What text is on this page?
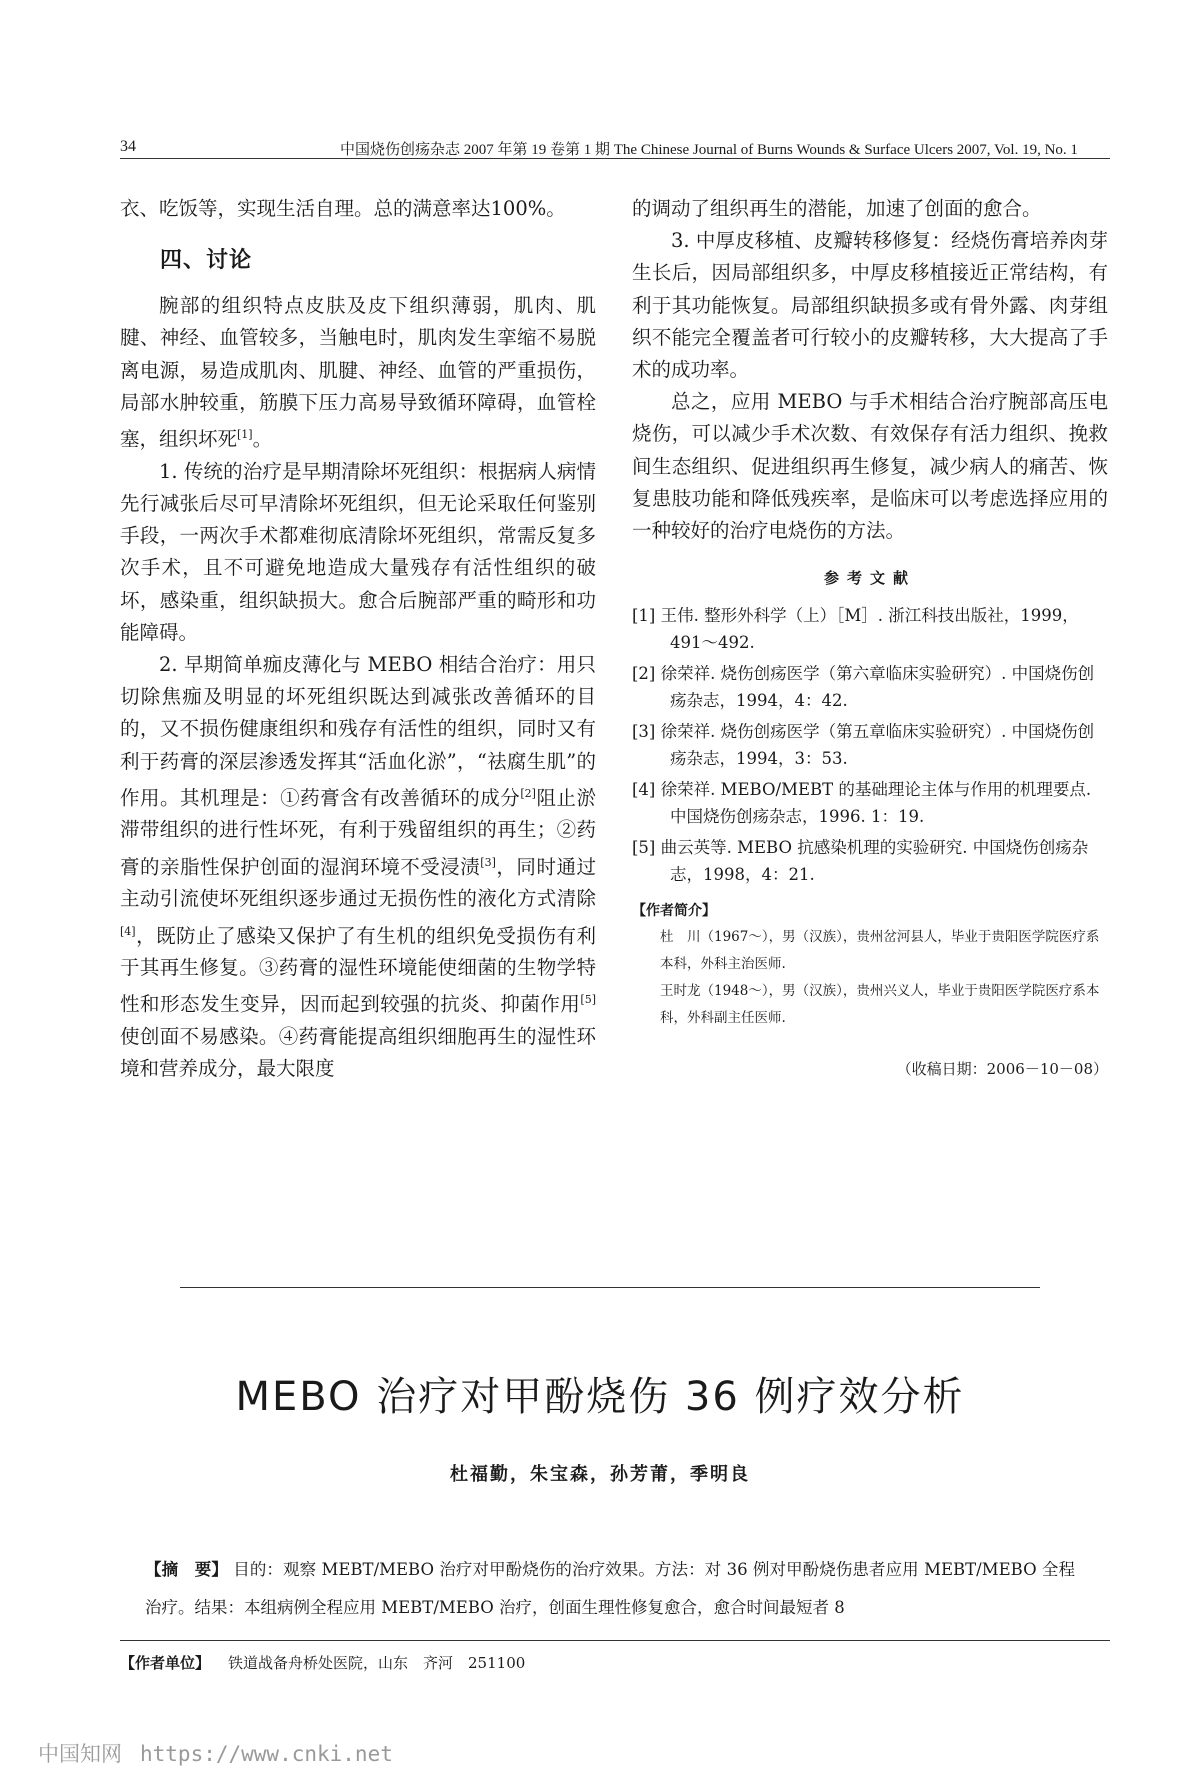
34	中国烧伤创疡杂志 2007 年第 19 卷第 1 期 The Chinese Journal of Burns Wounds & Surface Ulcers 2007, Vol. 19, No. 1

衣、吃饭等，实现生活自理。总的满意率达100%。

四、讨论

腕部的组织特点皮肤及皮下组织薄弱，肌肉、肌腱、神经、血管较多，当触电时，肌肉发生挛缩不易脱离电源，易造成肌肉、肌腱、神经、血管的严重损伤，局部水肿较重，筋膜下压力高易导致循环障碍，血管栓塞，组织坏死[1]。

1. 传统的治疗是早期清除坏死组织：根据病人病情先行减张后尽可早清除坏死组织，但无论采取任何鉴别手段，一两次手术都难彻底清除坏死组织，常需反复多次手术，且不可避免地造成大量残存有活性组织的破坏，感染重，组织缺损大。愈合后腕部严重的畸形和功能障碍。

2. 早期简单痂皮薄化与 MEBO 相结合治疗：用只切除焦痂及明显的坏死组织既达到减张改善循环的目的，又不损伤健康组织和残存有活性的组织，同时又有利于药膏的深层渗透发挥其“活血化淤”，“祛腐生肌”的作用。其机理是：①药膏含有改善循环的成分[2]阻止淤滞带组织的进行性坏死，有利于残留组织的再生；②药膏的亲脂性保护创面的湿润环境不受浸渍[3]，同时通过主动引流使坏死组织逐步通过无损伤性的液化方式清除[4]，既防止了感染又保护了有生机的组织免受损伤有利于其再生修复。③药膏的湿性环境能使细菌的生物学特性和形态发生变异，因而起到较强的抗炎、抑菌作用[5]使创面不易感染。④药膏能提高组织细胞再生的湿性环境和营养成分，最大限度

的调动了组织再生的潜能，加速了创面的愈合。

3. 中厚皮移植、皮瓣转移修复：经烧伤膏培养肉芽生长后，因局部组织多，中厚皮移植接近正常结构，有利于其功能恢复。局部组织缺损多或有骨外露、肉芽组织不能完全覆盖者可行较小的皮瓣转移，大大提高了手术的成功率。

总之，应用 MEBO 与手术相结合治疗腕部高压电烧伤，可以减少手术次数、有效保存有活力组织、挽救间生态组织、促进组织再生修复，减少病人的痛苦、恢复患肢功能和降低残疾率，是临床可以考虑选择应用的一种较好的治疗电烧伤的方法。

参考文献

[1] 王伟. 整形外科学（上）［M］. 浙江科技出版社，1999，491～492.

[2] 徐荣祥. 烧伤创疡医学（第六章临床实验研究）. 中国烧伤创疡杂志，1994，4：42.

[3] 徐荣祥. 烧伤创疡医学（第五章临床实验研究）. 中国烧伤创疡杂志，1994，3：53.

[4] 徐荣祥. MEBO/MEBT 的基础理论主体与作用的机理要点. 中国烧伤创疡杂志，1996. 1：19.

[5] 曲云英等. MEBO 抗感染机理的实验研究. 中国烧伤创疡杂志，1998，4：21.

【作者简介】

杜　川（1967～），男（汉族），贵州岔河县人，毕业于贵阳医学院医疗系本科，外科主治医师.

王时龙（1948～），男（汉族），贵州兴义人，毕业于贵阳医学院医疗系本科，外科副主任医师.

（收稿日期：2006－10－08）
MEBO 治疗对甲酚烧伤 36 例疗效分析
杜福勤，朱宝森，孙芳莆，季明良
【摘　要】 目的：观察 MEBT/MEBO 治疗对甲酚烧伤的治疗效果。方法：对 36 例对甲酚烧伤患者应用 MEBT/MEBO 全程治疗。结果：本组病例全程应用 MEBT/MEBO 治疗，创面生理性修复愈合，愈合时间最短者 8
【作者单位】 铁道战备舟桥处医院，山东　齐河　251100
中国知网 https://www.cnki.net
